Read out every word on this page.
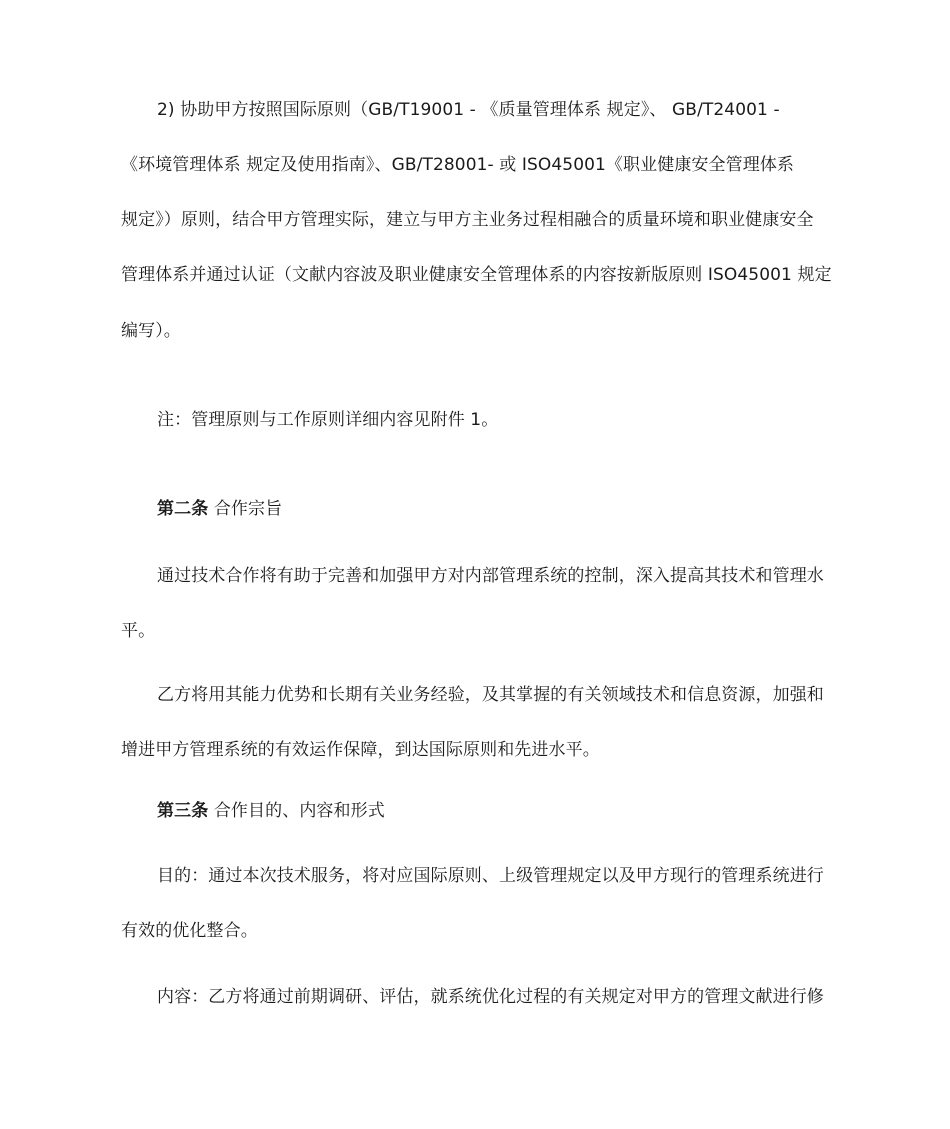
2) 协助甲方按照国际原则（GB/T19001 - 《质量管理体系 规定》、 GB/T24001 -
《环境管理体系 规定及使用指南》、GB/T28001- 或 ISO45001《职业健康安全管理体系
规定》）原则，结合甲方管理实际，建立与甲方主业务过程相融合的质量环境和职业健康安全
管理体系并通过认证（文献内容波及职业健康安全管理体系的内容按新版原则 ISO45001 规定
编写）。
注：管理原则与工作原则详细内容见附件 1。
第二条 合作宗旨
通过技术合作将有助于完善和加强甲方对内部管理系统的控制，深入提高其技术和管理水
平。
乙方将用其能力优势和长期有关业务经验，及其掌握的有关领域技术和信息资源，加强和
增进甲方管理系统的有效运作保障，到达国际原则和先进水平。
第三条 合作目的、内容和形式
目的：通过本次技术服务，将对应国际原则、上级管理规定以及甲方现行的管理系统进行
有效的优化整合。
内容：乙方将通过前期调研、评估，就系统优化过程的有关规定对甲方的管理文献进行修
